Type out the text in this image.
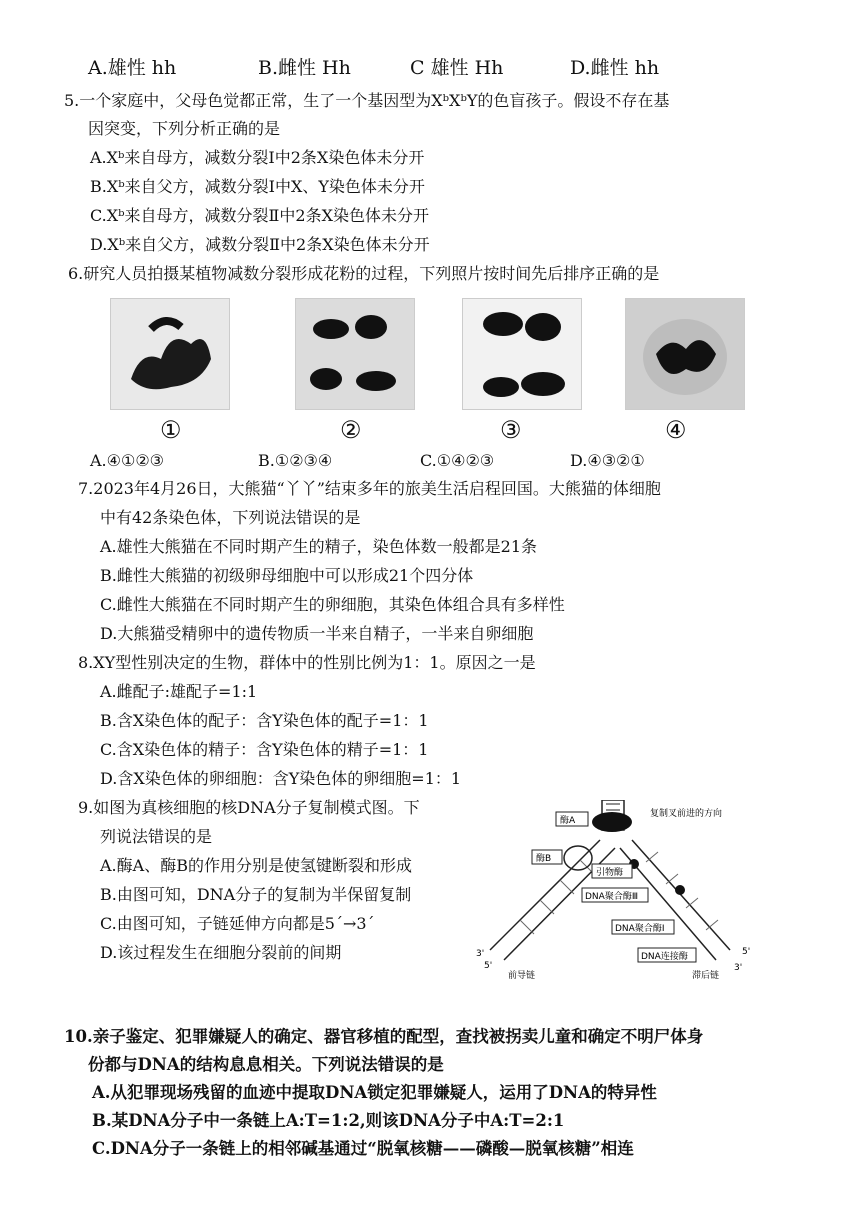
A.雄性 hh	B.雌性 Hh	C 雄性 Hh	D.雌性 hh
5.一个家庭中，父母色觉都正常，生了一个基因型为XᵇXᵇY的色盲孩子。假设不存在基
因突变，下列分析正确的是
A.Xᵇ来自母方，减数分裂Ⅰ中2条X染色体未分开
B.Xᵇ来自父方，减数分裂Ⅰ中X、Y染色体未分开
C.Xᵇ来自母方，减数分裂Ⅱ中2条X染色体未分开
D.Xᵇ来自父方，减数分裂Ⅱ中2条X染色体未分开
6.研究人员拍摄某植物减数分裂形成花粉的过程，下列照片按时间先后排序正确的是
①	②	③	④
A.④①②③	B.①②③④	C.①④②③	D.④③②①
7.2023年4月26日，大熊猫“丫丫”结束多年的旅美生活启程回国。大熊猫的体细胞
中有42条染色体，下列说法错误的是
A.雄性大熊猫在不同时期产生的精子，染色体数一般都是21条
B.雌性大熊猫的初级卵母细胞中可以形成21个四分体
C.雌性大熊猫在不同时期产生的卵细胞，其染色体组合具有多样性
D.大熊猫受精卵中的遗传物质一半来自精子，一半来自卵细胞
8.XY型性别决定的生物，群体中的性别比例为1：1。原因之一是
A.雌配子:雄配子=1:1
B.含X染色体的配子：含Y染色体的配子=1：1
C.含X染色体的精子：含Y染色体的精子=1：1
D.含X染色体的卵细胞：含Y染色体的卵细胞=1：1
9.如图为真核细胞的核DNA分子复制模式图。下
列说法错误的是
A.酶A、酶B的作用分别是使氢键断裂和形成
B.由图可知，DNA分子的复制为半保留复制
C.由图可知，子链延伸方向都是5´→3´
D.该过程发生在细胞分裂前的间期
酶A
酶B
复制叉前进的方向
引物酶
DNA聚合酶Ⅲ
DNA聚合酶Ⅰ
DNA连接酶
前导链	滞后链
3'
5'	3'
5'
10.亲子鉴定、犯罪嫌疑人的确定、器官移植的配型，查找被拐卖儿童和确定不明尸体身
份都与DNA的结构息息相关。下列说法错误的是
A.从犯罪现场残留的血迹中提取DNA锁定犯罪嫌疑人，运用了DNA的特异性
B.某DNA分子中一条链上A:T=1:2,则该DNA分子中A:T=2:1
C.DNA分子一条链上的相邻碱基通过“脱氧核糖——磷酸—脱氧核糖”相连
